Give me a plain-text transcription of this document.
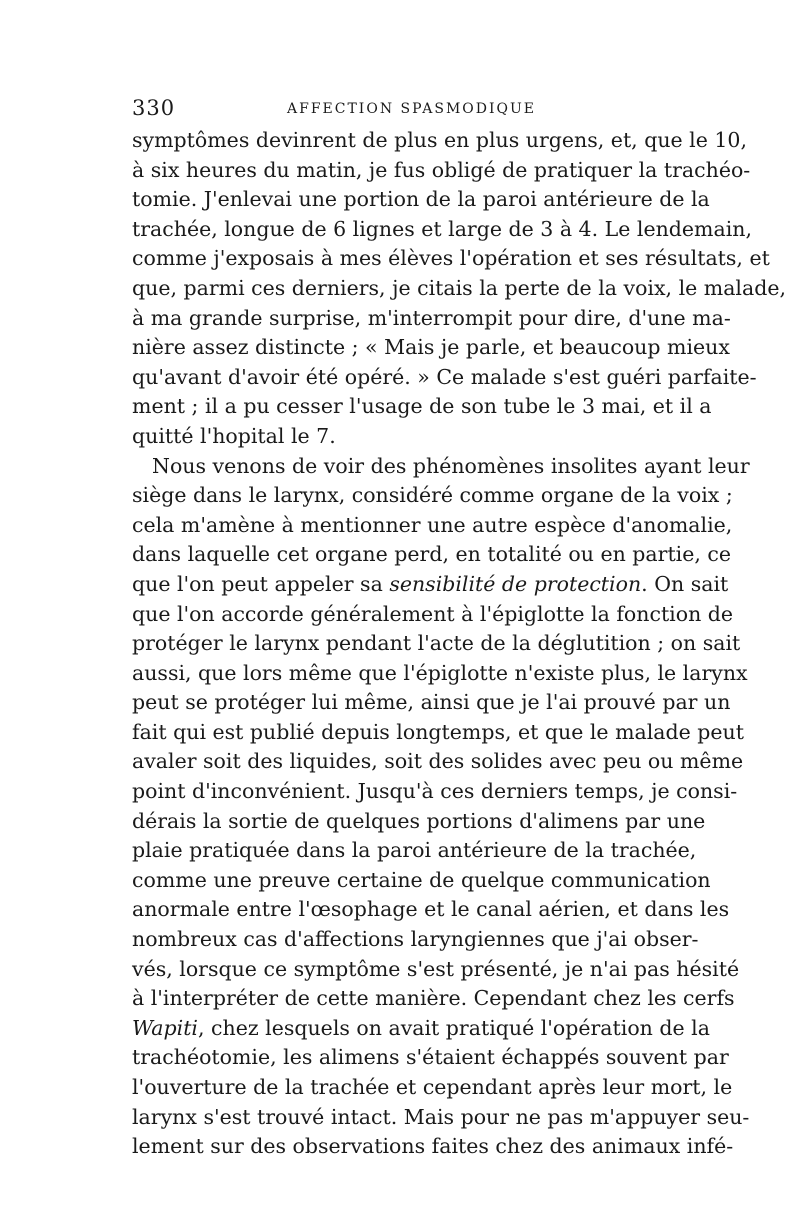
330	AFFECTION SPASMODIQUE
symptômes devinrent de plus en plus urgens, et, que le 10,
à six heures du matin, je fus obligé de pratiquer la trachéo-
tomie. J'enlevai une portion de la paroi antérieure de la
trachée, longue de 6 lignes et large de 3 à 4. Le lendemain,
comme j'exposais à mes élèves l'opération et ses résultats, et
que, parmi ces derniers, je citais la perte de la voix, le malade,
à ma grande surprise, m'interrompit pour dire, d'une ma-
nière assez distincte ; « Mais je parle, et beaucoup mieux
qu'avant d'avoir été opéré. » Ce malade s'est guéri parfaite-
ment ; il a pu cesser l'usage de son tube le 3 mai, et il a
quitté l'hopital le 7.
Nous venons de voir des phénomènes insolites ayant leur
siège dans le larynx, considéré comme organe de la voix ;
cela m'amène à mentionner une autre espèce d'anomalie,
dans laquelle cet organe perd, en totalité ou en partie, ce
que l'on peut appeler sa sensibilité de protection. On sait
que l'on accorde généralement à l'épiglotte la fonction de
protéger le larynx pendant l'acte de la déglutition ; on sait
aussi, que lors même que l'épiglotte n'existe plus, le larynx
peut se protéger lui même, ainsi que je l'ai prouvé par un
fait qui est publié depuis longtemps, et que le malade peut
avaler soit des liquides, soit des solides avec peu ou même
point d'inconvénient. Jusqu'à ces derniers temps, je consi-
dérais la sortie de quelques portions d'alimens par une
plaie pratiquée dans la paroi antérieure de la trachée,
comme une preuve certaine de quelque communication
anormale entre l'œsophage et le canal aérien, et dans les
nombreux cas d'affections laryngiennes que j'ai obser-
vés, lorsque ce symptôme s'est présenté, je n'ai pas hésité
à l'interpréter de cette manière. Cependant chez les cerfs
Wapiti, chez lesquels on avait pratiqué l'opération de la
trachéotomie, les alimens s'étaient échappés souvent par
l'ouverture de la trachée et cependant après leur mort, le
larynx s'est trouvé intact. Mais pour ne pas m'appuyer seu-
lement sur des observations faites chez des animaux infé-
